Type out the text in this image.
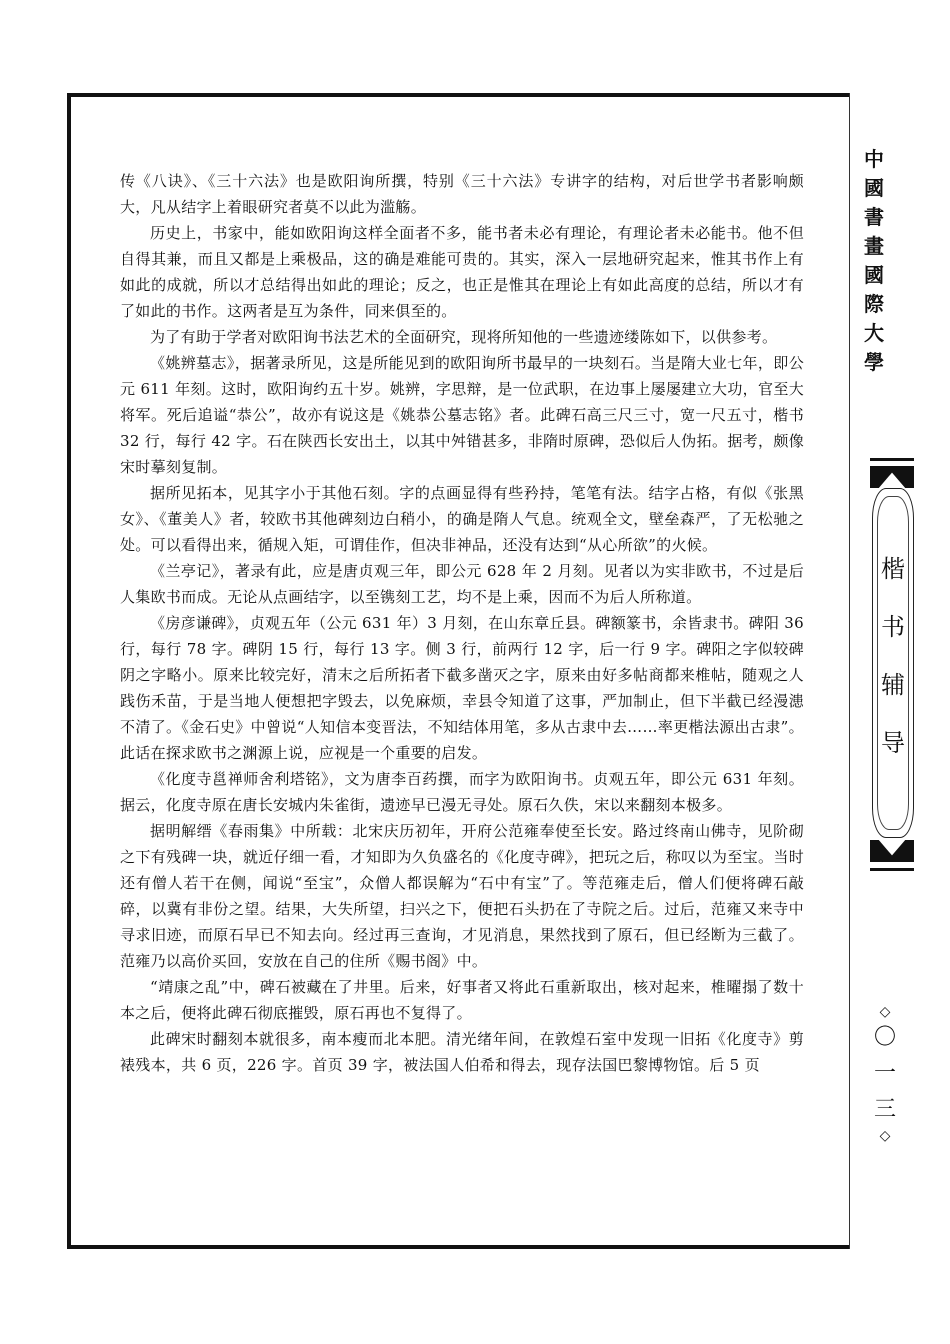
传《八诀》、《三十六法》也是欧阳询所撰，特别《三十六法》专讲字的结构，对后世学书者影响颇大，凡从结字上着眼研究者莫不以此为滥觞。

历史上，书家中，能如欧阳询这样全面者不多，能书者未必有理论，有理论者未必能书。他不但自得其兼，而且又都是上乘极品，这的确是难能可贵的。其实，深入一层地研究起来，惟其书作上有如此的成就，所以才总结得出如此的理论；反之，也正是惟其在理论上有如此高度的总结，所以才有了如此的书作。这两者是互为条件，同来俱至的。

为了有助于学者对欧阳询书法艺术的全面研究，现将所知他的一些遗迹缕陈如下，以供参考。

《姚辨墓志》，据著录所见，这是所能见到的欧阳询所书最早的一块刻石。当是隋大业七年，即公元 611 年刻。这时，欧阳询约五十岁。姚辨，字思辩，是一位武职，在边事上屡屡建立大功，官至大将军。死后追谥“恭公”，故亦有说这是《姚恭公墓志铭》者。此碑石高三尺三寸，宽一尺五寸，楷书 32 行，每行 42 字。石在陕西长安出土，以其中舛错甚多，非隋时原碑，恐似后人伪拓。据考，颇像宋时摹刻复制。

据所见拓本，见其字小于其他石刻。字的点画显得有些矜持，笔笔有法。结字占格，有似《张黑女》、《董美人》者，较欧书其他碑刻边白稍小，的确是隋人气息。统观全文，壁垒森严，了无松驰之处。可以看得出来，循规入矩，可谓佳作，但决非神品，还没有达到“从心所欲”的火候。

《兰亭记》，著录有此，应是唐贞观三年，即公元 628 年 2 月刻。见者以为实非欧书，不过是后人集欧书而成。无论从点画结字，以至镌刻工艺，均不是上乘，因而不为后人所称道。

《房彦谦碑》，贞观五年（公元 631 年）3 月刻，在山东章丘县。碑额篆书，余皆隶书。碑阳 36 行，每行 78 字。碑阴 15 行，每行 13 字。侧 3 行，前两行 12 字，后一行 9 字。碑阳之字似较碑阴之字略小。原来比较完好，清末之后所拓者下截多凿灭之字，原来由好多帖商都来椎帖，随观之人践伤禾苗，于是当地人便想把字毁去，以免麻烦，幸县令知道了这事，严加制止，但下半截已经漫漶不清了。《金石史》中曾说“人知信本变晋法，不知结体用笔，多从古隶中去……率更楷法源出古隶”。此话在探求欧书之渊源上说，应视是一个重要的启发。

《化度寺邕禅师舍利塔铭》，文为唐李百药撰，而字为欧阳询书。贞观五年，即公元 631 年刻。据云，化度寺原在唐长安城内朱雀街，遗迹早已漫无寻处。原石久佚，宋以来翻刻本极多。

据明解缙《春雨集》中所载：北宋庆历初年，开府公范雍奉使至长安。路过终南山佛寺，见阶砌之下有残碑一块，就近仔细一看，才知即为久负盛名的《化度寺碑》，把玩之后，称叹以为至宝。当时还有僧人若干在侧，闻说“至宝”，众僧人都误解为“石中有宝”了。等范雍走后，僧人们便将碑石敲碎，以冀有非份之望。结果，大失所望，扫兴之下，便把石头扔在了寺院之后。过后，范雍又来寺中寻求旧迹，而原石早已不知去向。经过再三查询，才见消息，果然找到了原石，但已经断为三截了。范雍乃以高价买回，安放在自己的住所《赐书阁》中。

“靖康之乱”中，碑石被藏在了井里。后来，好事者又将此石重新取出，核对起来，椎曜搨了数十本之后，便将此碑石彻底摧毁，原石再也不复得了。

此碑宋时翻刻本就很多，南本瘦而北本肥。清光绪年间，在敦煌石室中发现一旧拓《化度寺》剪裱残本，共 6 页，226 字。首页 39 字，被法国人伯希和得去，现存法国巴黎博物馆。后 5 页

中
國
書
畫
國
際
大
學
楷
书
辅
导
◇
〇
一
三
◇
